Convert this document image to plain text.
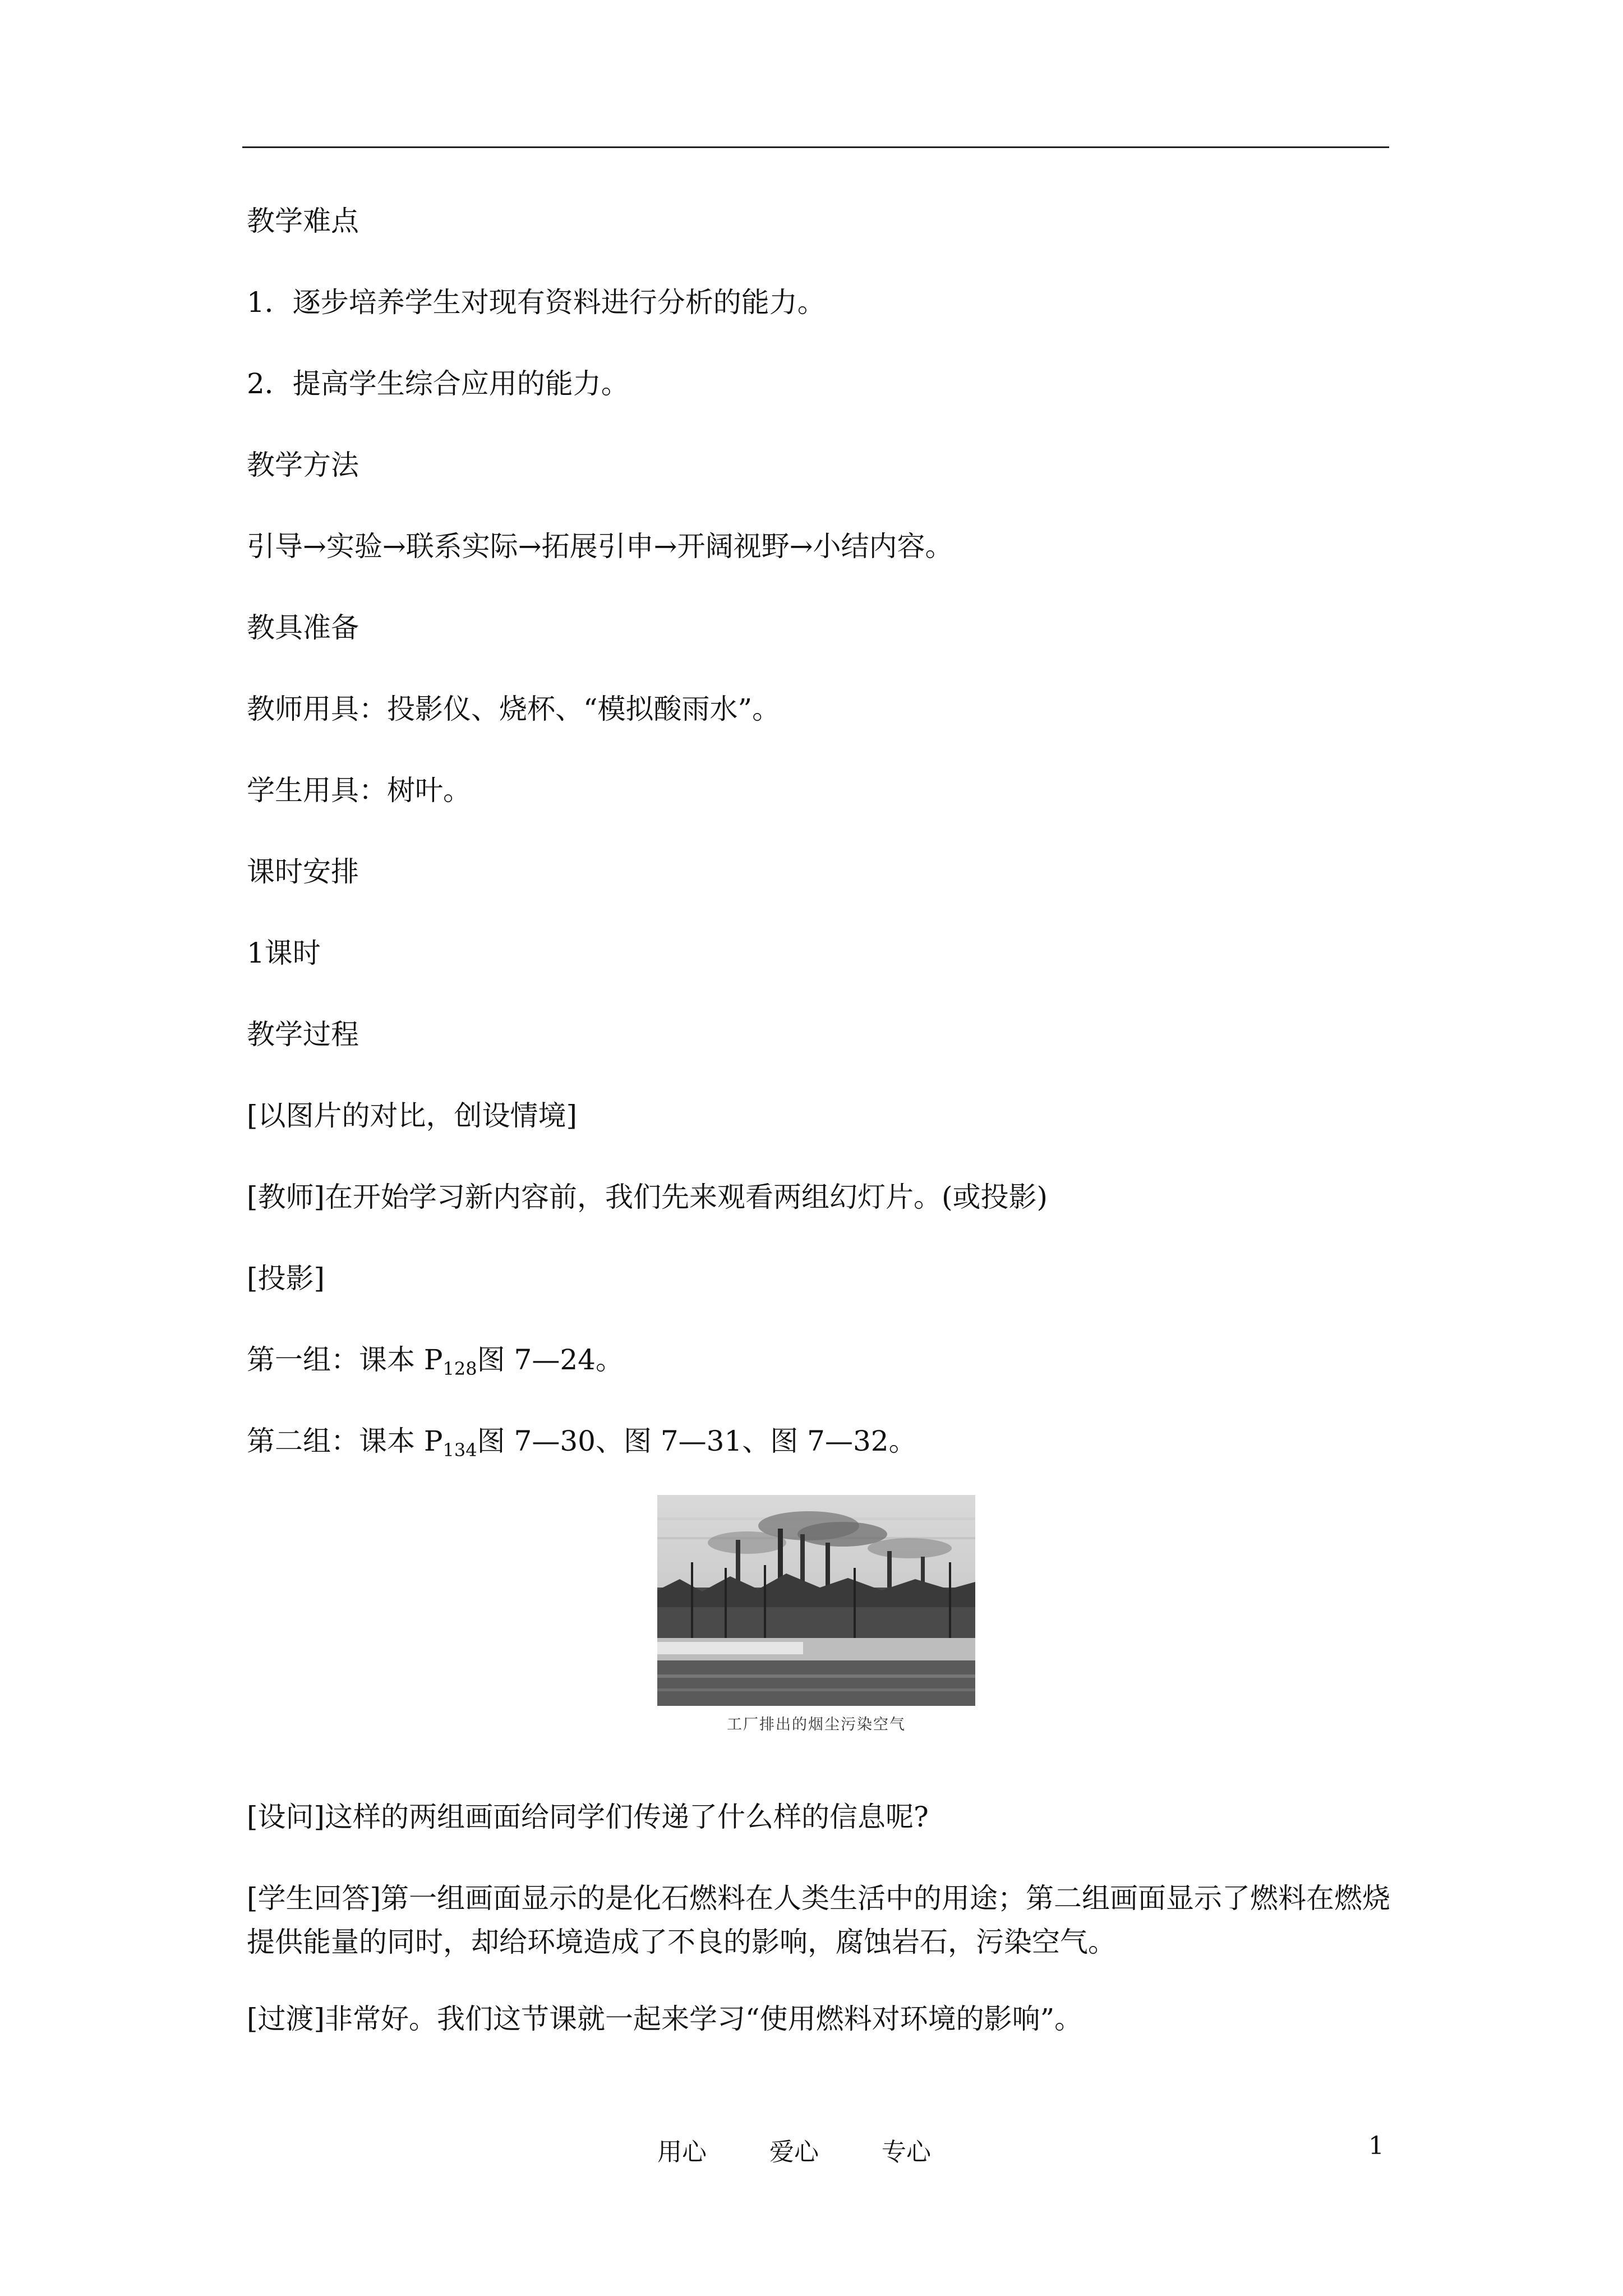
教学难点
1．逐步培养学生对现有资料进行分析的能力。
2．提高学生综合应用的能力。
教学方法
引导→实验→联系实际→拓展引申→开阔视野→小结内容。
教具准备
教师用具：投影仪、烧杯、“模拟酸雨水”。
学生用具：树叶。
课时安排
1课时
教学过程
[以图片的对比，创设情境]
[教师]在开始学习新内容前，我们先来观看两组幻灯片。(或投影)
[投影]
第一组：课本 $P_{128}$图 7—24。
第二组：课本 $P_{134}$图 7—30、图 7—31、图 7—32。
工厂排出的烟尘污染空气
[设问]这样的两组画面给同学们传递了什么样的信息呢?
[学生回答]第一组画面显示的是化石燃料在人类生活中的用途；第二组画面显示了燃料在燃烧提供能量的同时，却给环境造成了不良的影响，腐蚀岩石，污染空气。
[过渡]非常好。我们这节课就一起来学习“使用燃料对环境的影响”。
用心	爱心	专心	1
